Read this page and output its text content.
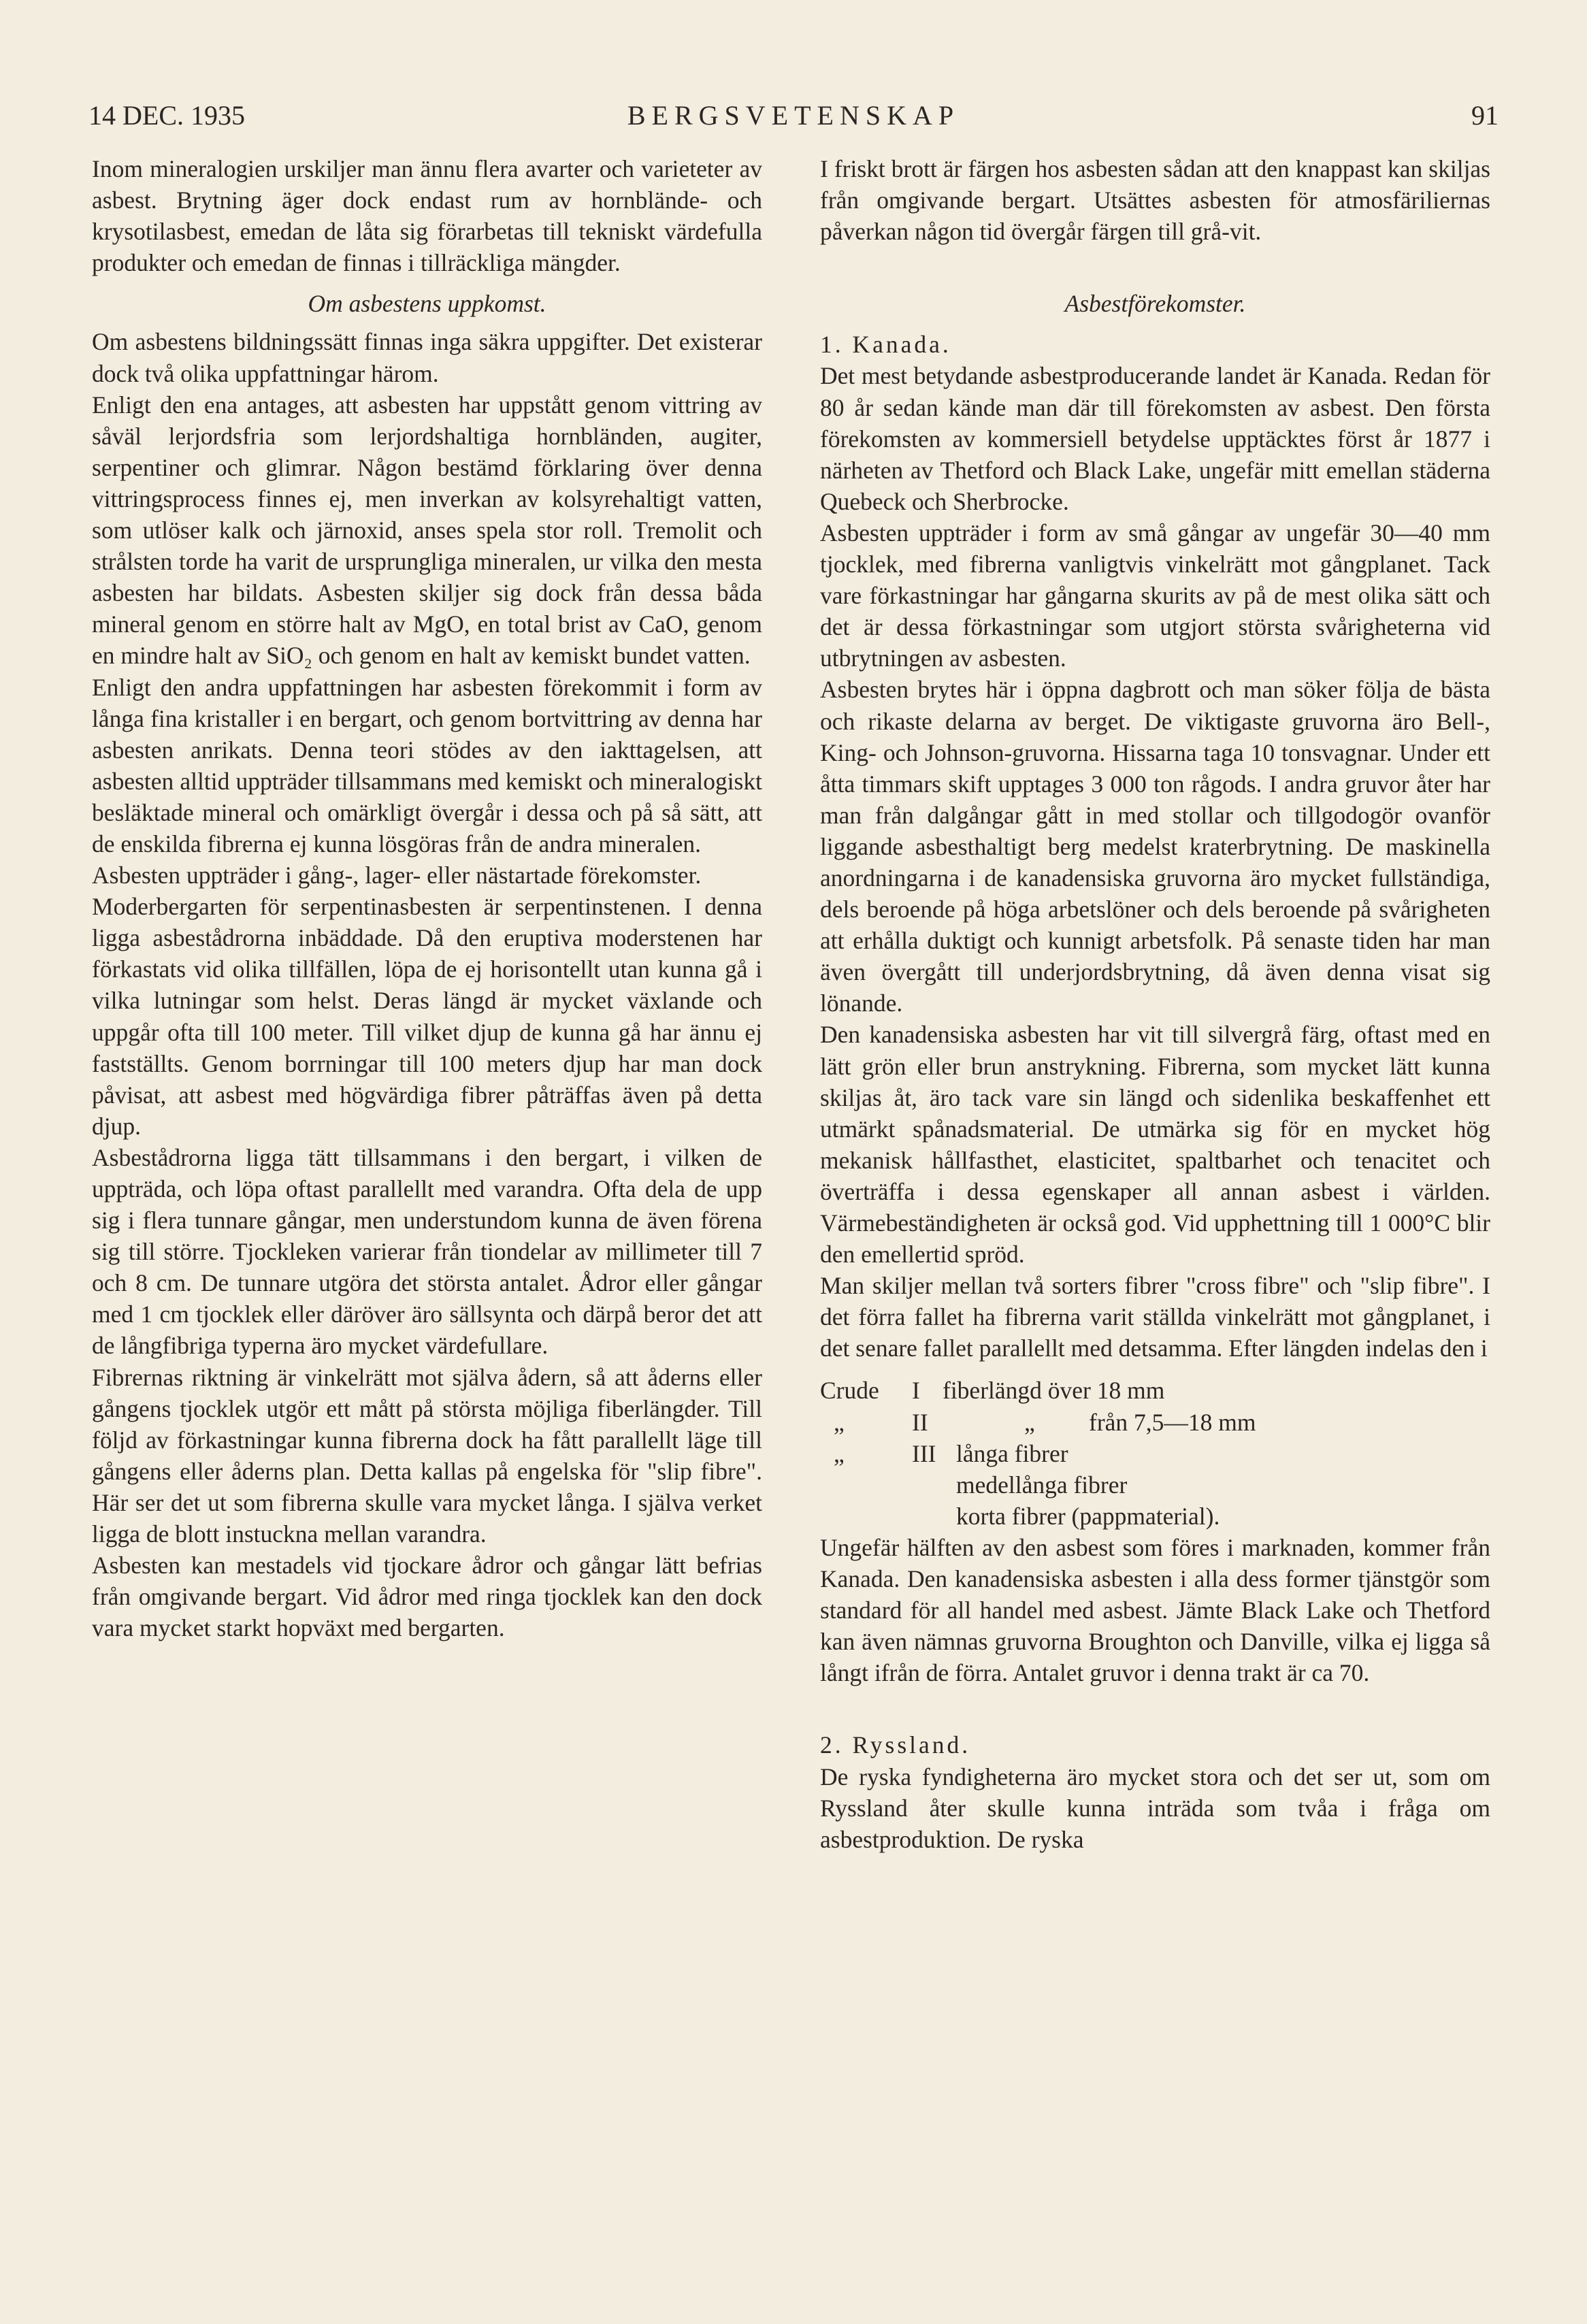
14 DEC. 1935	BERGSVETENSKAP	91

Inom mineralogien urskiljer man ännu flera avarter och varieteter av asbest. Brytning äger dock endast rum av hornblände- och krysotilasbest, emedan de låta sig förarbetas till tekniskt värdefulla produkter och emedan de finnas i tillräckliga mängder.

Om asbestens uppkomst.

Om asbestens bildningssätt finnas inga säkra uppgifter. Det existerar dock två olika uppfattningar härom.

Enligt den ena antages, att asbesten har uppstått genom vittring av såväl lerjordsfria som lerjordshaltiga hornbländen, augiter, serpentiner och glimrar. Någon bestämd förklaring över denna vittringsprocess finnes ej, men inverkan av kolsyrehaltigt vatten, som utlöser kalk och järnoxid, anses spela stor roll. Tremolit och strålsten torde ha varit de ursprungliga mineralen, ur vilka den mesta asbesten har bildats. Asbesten skiljer sig dock från dessa båda mineral genom en större halt av MgO, en total brist av CaO, genom en mindre halt av SiO₂ och genom en halt av kemiskt bundet vatten.

Enligt den andra uppfattningen har asbesten förekommit i form av långa fina kristaller i en bergart, och genom bortvittring av denna har asbesten anrikats. Denna teori stödes av den iakttagelsen, att asbesten alltid uppträder tillsammans med kemiskt och mineralogiskt besläktade mineral och omärkligt övergår i dessa och på så sätt, att de enskilda fibrerna ej kunna lösgöras från de andra mineralen.

Asbesten uppträder i gång-, lager- eller nästartade förekomster.

Moderbergarten för serpentinasbesten är serpentinstenen. I denna ligga asbestådrorna inbäddade. Då den eruptiva moderstenen har förkastats vid olika tillfällen, löpa de ej horisontellt utan kunna gå i vilka lutningar som helst. Deras längd är mycket växlande och uppgår ofta till 100 meter. Till vilket djup de kunna gå har ännu ej fastställts. Genom borrningar till 100 meters djup har man dock påvisat, att asbest med högvärdiga fibrer påträffas även på detta djup.

Asbestådrorna ligga tätt tillsammans i den bergart, i vilken de uppträda, och löpa oftast parallellt med varandra. Ofta dela de upp sig i flera tunnare gångar, men understundom kunna de även förena sig till större. Tjockleken varierar från tiondelar av millimeter till 7 och 8 cm. De tunnare utgöra det största antalet. Ådror eller gångar med 1 cm tjocklek eller däröver äro sällsynta och därpå beror det att de långfibriga typerna äro mycket värdefullare.

Fibrernas riktning är vinkelrätt mot själva ådern, så att åderns eller gångens tjocklek utgör ett mått på största möjliga fiberlängder. Till följd av förkastningar kunna fibrerna dock ha fått parallellt läge till gångens eller åderns plan. Detta kallas på engelska för "slip fibre". Här ser det ut som fibrerna skulle vara mycket långa. I själva verket ligga de blott instuckna mellan varandra.

Asbesten kan mestadels vid tjockare ådror och gångar lätt befrias från omgivande bergart. Vid ådror med ringa tjocklek kan den dock vara mycket starkt hopväxt med bergarten.

I friskt brott är färgen hos asbesten sådan att den knappast kan skiljas från omgivande bergart. Utsättes asbesten för atmosfäriliernas påverkan någon tid övergår färgen till grå-vit.

Asbestförekomster.

1. Kanada.

Det mest betydande asbestproducerande landet är Kanada. Redan för 80 år sedan kände man där till förekomsten av asbest. Den första förekomsten av kommersiell betydelse upptäcktes först år 1877 i närheten av Thetford och Black Lake, ungefär mitt emellan städerna Quebeck och Sherbrocke.

Asbesten uppträder i form av små gångar av ungefär 30—40 mm tjocklek, med fibrerna vanligtvis vinkelrätt mot gångplanet. Tack vare förkastningar har gångarna skurits av på de mest olika sätt och det är dessa förkastningar som utgjort största svårigheterna vid utbrytningen av asbesten.

Asbesten brytes här i öppna dagbrott och man söker följa de bästa och rikaste delarna av berget. De viktigaste gruvorna äro Bell-, King- och Johnson-gruvorna. Hissarna taga 10 tonsvagnar. Under ett åtta timmars skift upptages 3 000 ton rågods. I andra gruvor åter har man från dalgångar gått in med stollar och tillgodogör ovanför liggande asbesthaltigt berg medelst kraterbrytning. De maskinella anordningarna i de kanadensiska gruvorna äro mycket fullständiga, dels beroende på höga arbetslöner och dels beroende på svårigheten att erhålla duktigt och kunnigt arbetsfolk. På senaste tiden har man även övergått till underjordsbrytning, då även denna visat sig lönande.

Den kanadensiska asbesten har vit till silvergrå färg, oftast med en lätt grön eller brun anstrykning. Fibrerna, som mycket lätt kunna skiljas åt, äro tack vare sin längd och sidenlika beskaffenhet ett utmärkt spånadsmaterial. De utmärka sig för en mycket hög mekanisk hållfasthet, elasticitet, spaltbarhet och tenacitet och överträffa i dessa egenskaper all annan asbest i världen. Värmebeständigheten är också god. Vid upphettning till 1 000°C blir den emellertid spröd.

Man skiljer mellan två sorters fibrer "cross fibre" och "slip fibre". I det förra fallet ha fibrerna varit ställda vinkelrätt mot gångplanet, i det senare fallet parallellt med detsamma. Efter längden indelas den i

Crude I fiberlängd över 18 mm
„	II	„ från 7,5—18 mm
„	III långa fibrer
medellånga fibrer
korta fibrer (pappmaterial).

Ungefär hälften av den asbest som föres i marknaden, kommer från Kanada. Den kanadensiska asbesten i alla dess former tjänstgör som standard för all handel med asbest. Jämte Black Lake och Thetford kan även nämnas gruvorna Broughton och Danville, vilka ej ligga så långt ifrån de förra. Antalet gruvor i denna trakt är ca 70.

2. Ryssland.

De ryska fyndigheterna äro mycket stora och det ser ut, som om Ryssland åter skulle kunna inträda som tvåa i fråga om asbestproduktion. De ryska
